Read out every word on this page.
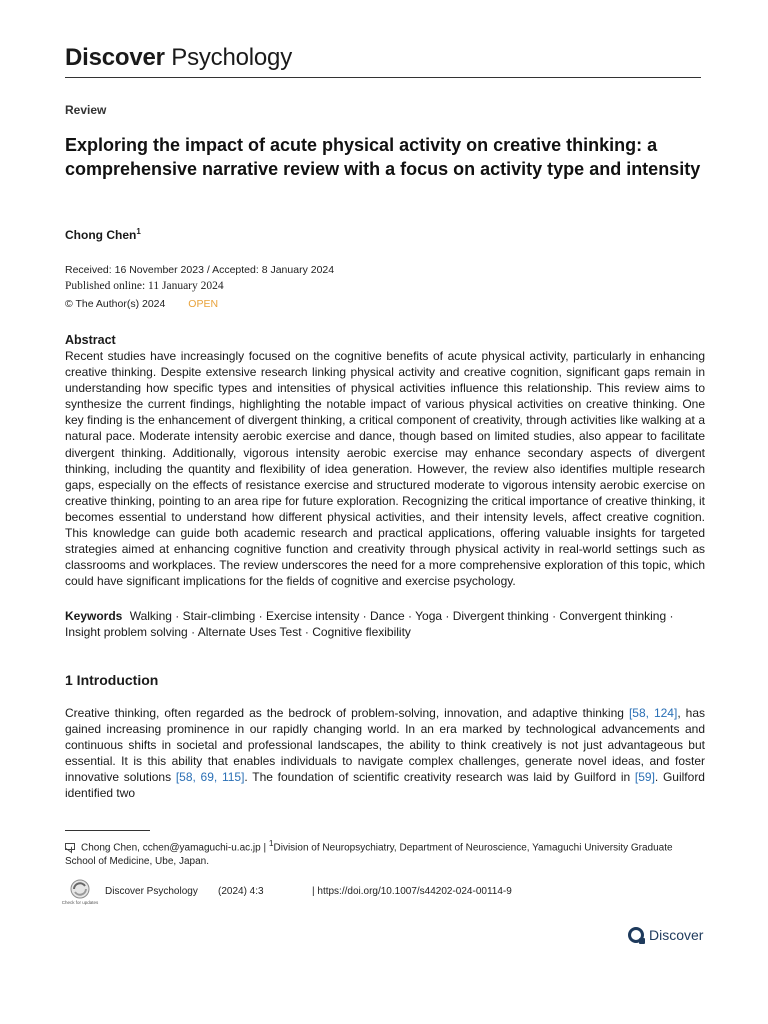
Discover Psychology
Review
Exploring the impact of acute physical activity on creative thinking: a comprehensive narrative review with a focus on activity type and intensity
Chong Chen$^1$
Received: 16 November 2023 / Accepted: 8 January 2024
Published online: 11 January 2024
© The Author(s) 2024 OPEN
Abstract
Recent studies have increasingly focused on the cognitive benefits of acute physical activity, particularly in enhancing creative thinking. Despite extensive research linking physical activity and creative cognition, significant gaps remain in understanding how specific types and intensities of physical activities influence this relationship. This review aims to synthesize the current findings, highlighting the notable impact of various physical activities on creative thinking. One key finding is the enhancement of divergent thinking, a critical component of creativity, through activities like walking at a natural pace. Moderate intensity aerobic exercise and dance, though based on limited studies, also appear to facilitate divergent thinking. Additionally, vigorous intensity aerobic exercise may enhance secondary aspects of divergent thinking, including the quantity and flexibility of idea generation. However, the review also identifies multiple research gaps, especially on the effects of resistance exercise and structured moderate to vigorous intensity aerobic exercise on creative thinking, pointing to an area ripe for future exploration. Recognizing the critical importance of creative thinking, it becomes essential to understand how different physical activities, and their intensity levels, affect creative cognition. This knowledge can guide both academic research and practical applications, offering valuable insights for targeted strategies aimed at enhancing cognitive function and creativity through physical activity in real-world settings such as classrooms and workplaces. The review underscores the need for a more comprehensive exploration of this topic, which could have significant implications for the fields of cognitive and exercise psychology.
Keywords Walking · Stair-climbing · Exercise intensity · Dance · Yoga · Divergent thinking · Convergent thinking · Insight problem solving · Alternate Uses Test · Cognitive flexibility
1 Introduction
Creative thinking, often regarded as the bedrock of problem-solving, innovation, and adaptive thinking [58, 124], has gained increasing prominence in our rapidly changing world. In an era marked by technological advancements and continuous shifts in societal and professional landscapes, the ability to think creatively is not just advantageous but essential. It is this ability that enables individuals to navigate complex challenges, generate novel ideas, and foster innovative solutions [58, 69, 115]. The foundation of scientific creativity research was laid by Guilford in [59]. Guilford identified two
Chong Chen, cchen@yamaguchi-u.ac.jp | $^1$Division of Neuropsychiatry, Department of Neuroscience, Yamaguchi University Graduate School of Medicine, Ube, Japan.
Check for updates
Discover Psychology (2024) 4:3	| https://doi.org/10.1007/s44202-024-00114-9
Discover
